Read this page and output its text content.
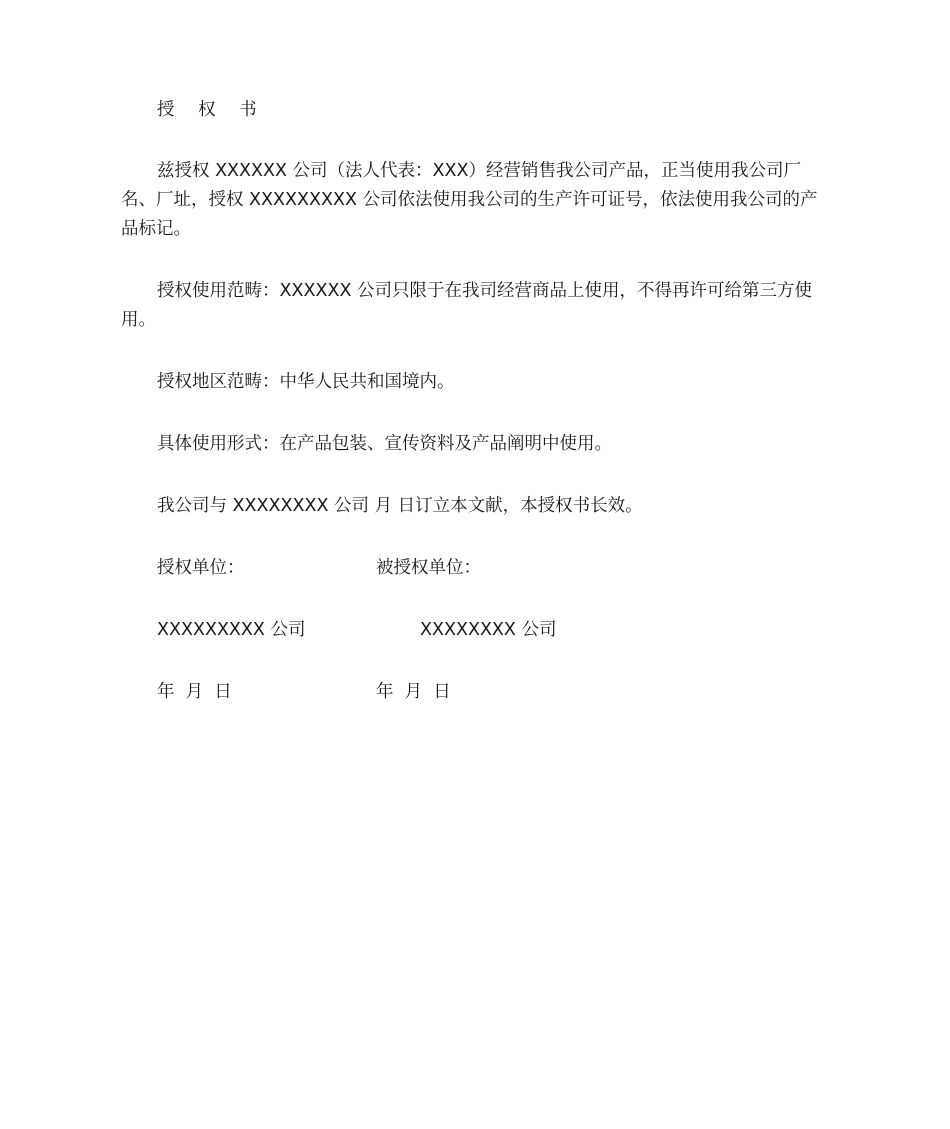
授 权 书

兹授权 XXXXXX 公司（法人代表：XXX）经营销售我公司产品，正当使用我公司厂名、厂址，授权 XXXXXXXXX 公司依法使用我公司的生产许可证号，依法使用我公司的产品标记。

授权使用范畴：XXXXXX 公司只限于在我司经营商品上使用，不得再许可给第三方使用。

授权地区范畴：中华人民共和国境内。

具体使用形式：在产品包装、宣传资料及产品阐明中使用。

我公司与 XXXXXXXX 公司 月 日订立本文献，本授权书长效。

授权单位：	被授权单位：

XXXXXXXXX 公司	XXXXXXXX 公司

年  月  日	年  月  日
